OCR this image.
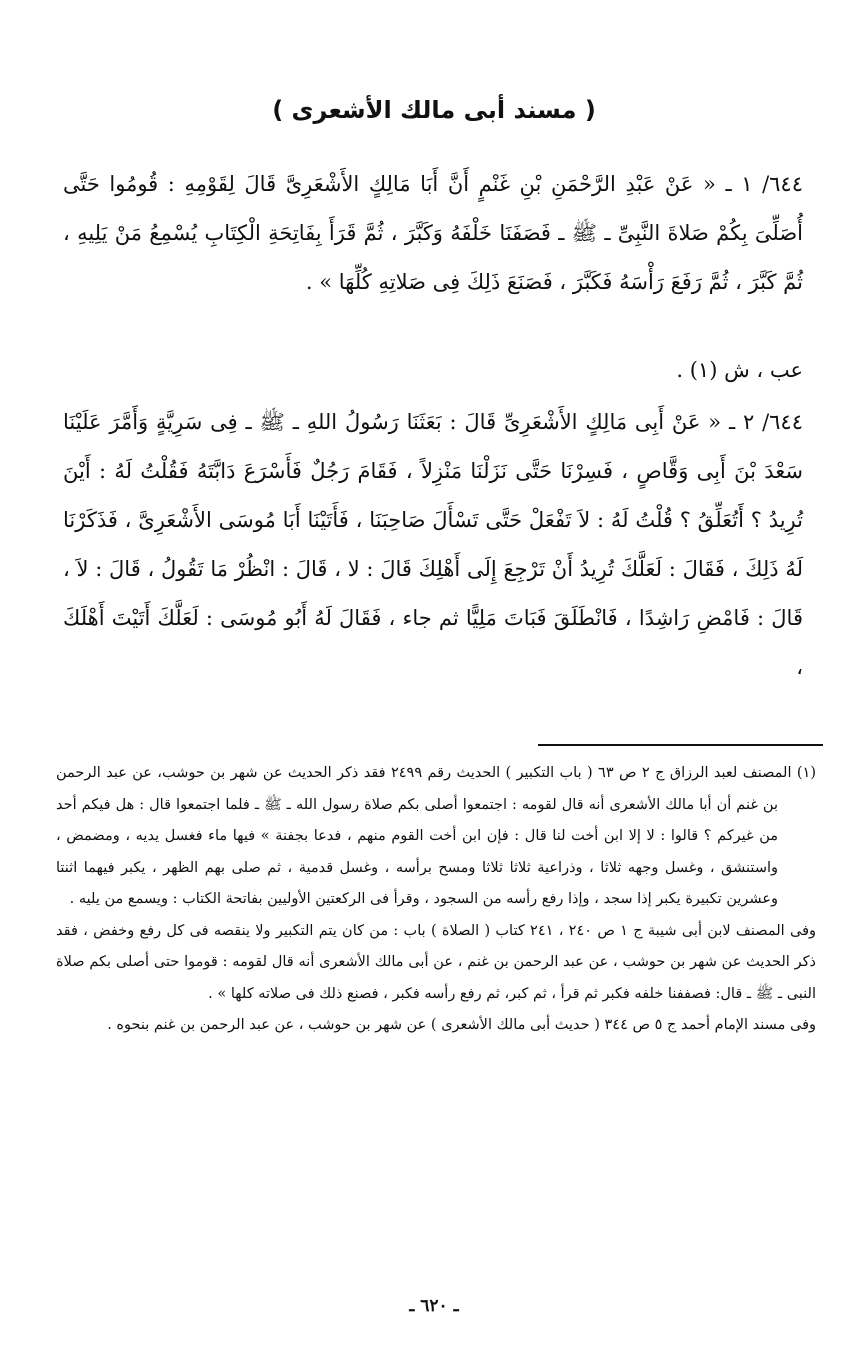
( مسند أبى مالك الأشعرى )

٦٤٤/ ١ ـ « عَنْ عَبْدِ الرَّحْمَنِ بْنِ غَنْمٍ أَنَّ أَبَا مَالِكٍ الأَشْعَرِىَّ قَالَ لِقَوْمِهِ : قُومُوا حَتَّى أُصَلِّىَ بِكُمْ صَلاةَ النَّبِىِّ ـ ﷺ ـ فَصَفَنَا خَلْفَهُ وَكَبَّرَ ، ثُمَّ قَرَأَ بِفَاتِحَةِ الْكِتَابِ يُسْمِعُ مَنْ يَلِيهِ ، ثُمَّ كَبَّرَ ، ثُمَّ رَفَعَ رَأْسَهُ فَكَبَّرَ ، فَصَنَعَ ذَلِكَ فِى صَلاتِهِ كُلِّهَا » .

عب ، ش (١) .

٦٤٤/ ٢ ـ « عَنْ أَبِى مَالِكٍ الأَشْعَرِىِّ قَالَ : بَعَثَنَا رَسُولُ اللهِ ـ ﷺ ـ فِى سَرِيَّةٍ وَأَمَّرَ عَلَيْنَا سَعْدَ بْنَ أَبِى وَقَّاصٍ ، فَسِرْنَا حَتَّى نَزَلْنَا مَنْزِلاً ، فَقَامَ رَجُلٌ فَأَسْرَعَ دَابَّتَهُ فَقُلْتُ لَهُ : أَيْنَ تُرِيدُ ؟ أَتُعَلِّقُ ؟ قُلْتُ لَهُ : لاَ تَفْعَلْ حَتَّى تَسْأَلَ صَاحِبَنَا ، فَأَتَيْنَا أَبَا مُوسَى الأَشْعَرِىَّ ، فَذَكَرْنَا لَهُ ذَلِكَ ، فَقَالَ : لَعَلَّكَ تُرِيدُ أَنْ تَرْجِعَ إِلَى أَهْلِكَ قَالَ : لا ، قَالَ : انْظُرْ مَا تَقُولُ ، قَالَ : لاَ ، قَالَ : فَامْضِ رَاشِدًا ، فَانْطَلَقَ فَبَاتَ مَلِيًّا ثم جاء ، فَقَالَ لَهُ أَبُو مُوسَى : لَعَلَّكَ أَتَيْتَ أَهْلَكَ ،

(١) المصنف لعبد الرزاق ج ٢ ص ٦٣ ( باب التكبير ) الحديث رقم ٢٤٩٩ فقد ذكر الحديث عن شهر بن حوشب، عن عبد الرحمن بن غنم أن أبا مالك الأشعرى أنه قال لقومه : اجتمعوا أصلى بكم صلاة رسول الله ـ ﷺ ـ فلما اجتمعوا قال : هل فيكم أحد من غيركم ؟ قالوا : لا إلا ابن أخت لنا قال : فإن ابن أخت القوم منهم ، فدعا بجفنة » فيها ماء فغسل يديه ، ومضمض ، واستنشق ، وغسل وجهه ثلاثا ، وذراعية ثلاثا ثلاثا ومسح برأسه ، وغسل قدمية ، ثم صلى بهم الظهر ، يكبر فيهما اثنتا وعشرين تكبيرة يكبر إذا سجد ، وإذا رفع رأسه من السجود ، وقرأ فى الركعتين الأوليين بفاتحة الكتاب : ويسمع من يليه .

وفى المصنف لابن أبى شيبة ج ١ ص ٢٤٠ ، ٢٤١ كتاب ( الصلاة ) باب : من كان يتم التكبير ولا ينقصه فى كل رفع وخفض ، فقد ذكر الحديث عن شهر بن حوشب ، عن عبد الرحمن بن غنم ، عن أبى مالك الأشعرى أنه قال لقومه : قوموا حتى أصلى بكم صلاة النبى ـ ﷺ ـ قال: فصففنا خلفه فكبر ثم قرأ ، ثم كبر، ثم رفع رأسه فكبر ، فصنع ذلك فى صلاته كلها » .

وفى مسند الإمام أحمد ج ٥ ص ٣٤٤ ( حديث أبى مالك الأشعرى ) عن شهر بن حوشب ، عن عبد الرحمن بن غنم بنحوه .

ـ ٦٢٠ ـ
